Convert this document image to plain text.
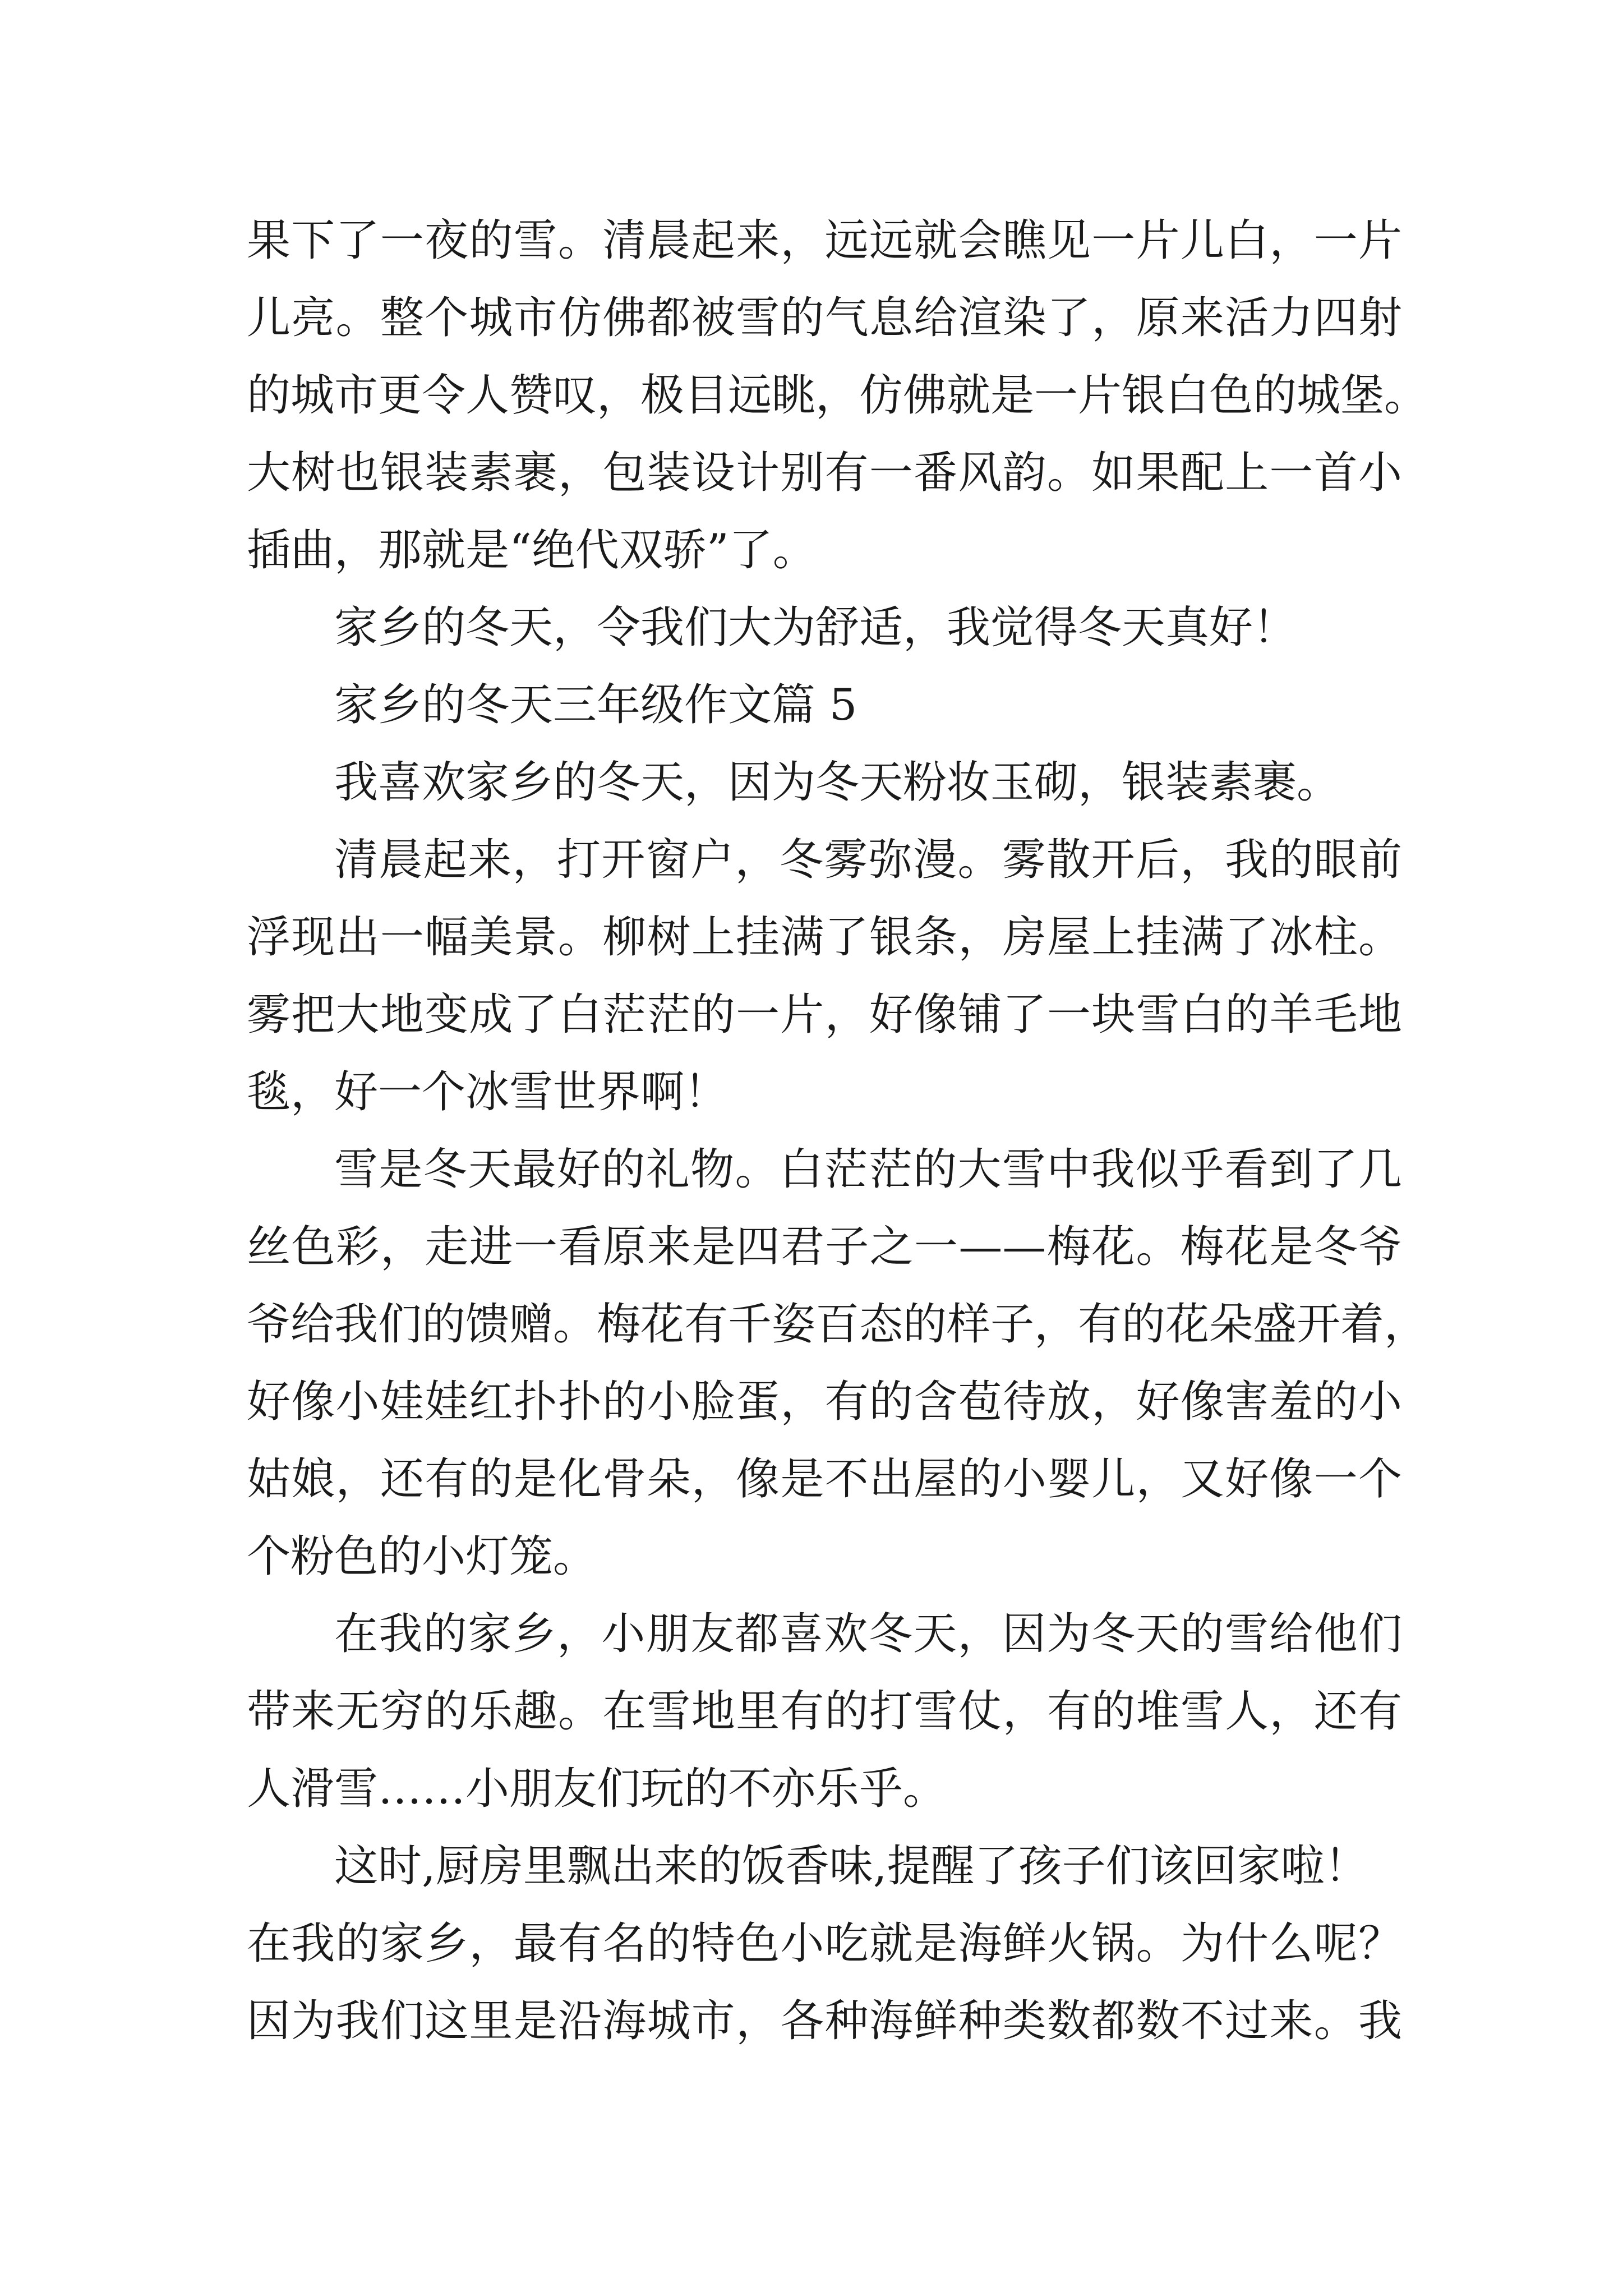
果下了一夜的雪。清晨起来，远远就会瞧见一片儿白，一片
儿亮。整个城市仿佛都被雪的气息给渲染了，原来活力四射
的城市更令人赞叹，极目远眺，仿佛就是一片银白色的城堡。
大树也银装素裹，包装设计别有一番风韵。如果配上一首小
插曲，那就是“绝代双骄”了。
家乡的冬天，令我们大为舒适，我觉得冬天真好！
家乡的冬天三年级作文篇 5
我喜欢家乡的冬天，因为冬天粉妆玉砌，银装素裹。
清晨起来，打开窗户，冬雾弥漫。雾散开后，我的眼前
浮现出一幅美景。柳树上挂满了银条，房屋上挂满了冰柱。
雾把大地变成了白茫茫的一片，好像铺了一块雪白的羊毛地
毯，好一个冰雪世界啊！
雪是冬天最好的礼物。白茫茫的大雪中我似乎看到了几
丝色彩，走进一看原来是四君子之一——梅花。梅花是冬爷
爷给我们的馈赠。梅花有千姿百态的样子，有的花朵盛开着，
好像小娃娃红扑扑的小脸蛋，有的含苞待放，好像害羞的小
姑娘，还有的是化骨朵，像是不出屋的小婴儿，又好像一个
个粉色的小灯笼。
在我的家乡，小朋友都喜欢冬天，因为冬天的雪给他们
带来无穷的乐趣。在雪地里有的打雪仗，有的堆雪人，还有
人滑雪……小朋友们玩的不亦乐乎。
这时,厨房里飘出来的饭香味,提醒了孩子们该回家啦！
在我的家乡，最有名的特色小吃就是海鲜火锅。为什么呢？
因为我们这里是沿海城市，各种海鲜种类数都数不过来。我
